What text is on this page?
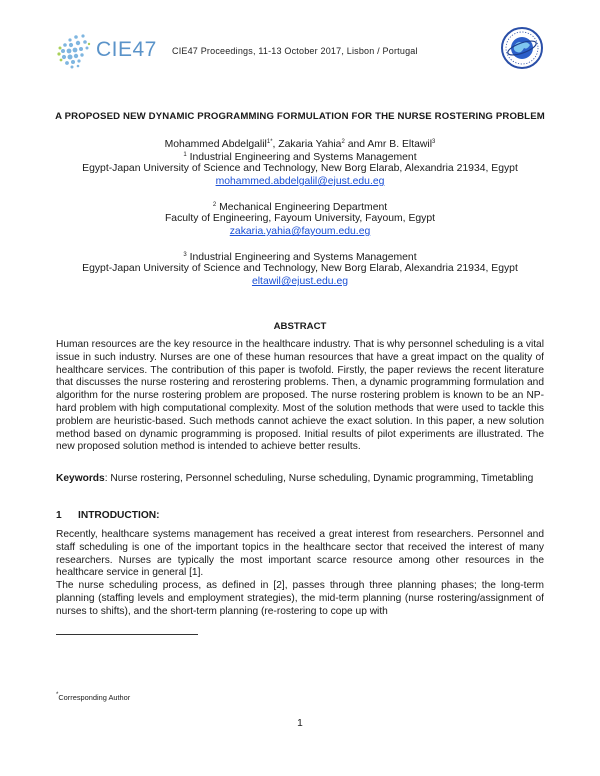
CIE47 CIE47 Proceedings, 11-13 October 2017, Lisbon / Portugal
A PROPOSED NEW DYNAMIC PROGRAMMING FORMULATION FOR THE NURSE ROSTERING PROBLEM
Mohammed Abdelgalil$^{1*}$, Zakaria Yahia$^2$ and Amr B. Eltawil$^3$
$^1$ Industrial Engineering and Systems Management
Egypt-Japan University of Science and Technology, New Borg Elarab, Alexandria 21934, Egypt
mohammed.abdelgalil@ejust.edu.eg
$^2$ Mechanical Engineering Department
Faculty of Engineering, Fayoum University, Fayoum, Egypt
zakaria.yahia@fayoum.edu.eg
$^3$ Industrial Engineering and Systems Management
Egypt-Japan University of Science and Technology, New Borg Elarab, Alexandria 21934, Egypt
eltawil@ejust.edu.eg
ABSTRACT
Human resources are the key resource in the healthcare industry. That is why personnel scheduling is a vital issue in such industry. Nurses are one of these human resources that have a great impact on the quality of healthcare services. The contribution of this paper is twofold. Firstly, the paper reviews the recent literature that discusses the nurse rostering and rerostering problems. Then, a dynamic programming formulation and algorithm for the nurse rostering problem are proposed. The nurse rostering problem is known to be an NP-hard problem with high computational complexity. Most of the solution methods that were used to tackle this problem are heuristic-based. Such methods cannot achieve the exact solution. In this paper, a new solution method based on dynamic programming is proposed. Initial results of pilot experiments are illustrated. The new proposed solution method is intended to achieve better results.
Keywords: Nurse rostering, Personnel scheduling, Nurse scheduling, Dynamic programming, Timetabling
1 INTRODUCTION:
Recently, healthcare systems management has received a great interest from researchers. Personnel and staff scheduling is one of the important topics in the healthcare sector that received the interest of many researchers. Nurses are typically the most important scarce resource among other resources in the healthcare service in general [1].
The nurse scheduling process, as defined in [2], passes through three planning phases; the long-term planning (staffing levels and employment strategies), the mid-term planning (nurse rostering/assignment of nurses to shifts), and the short-term planning (re-rostering to cope up with
*Corresponding Author
1
